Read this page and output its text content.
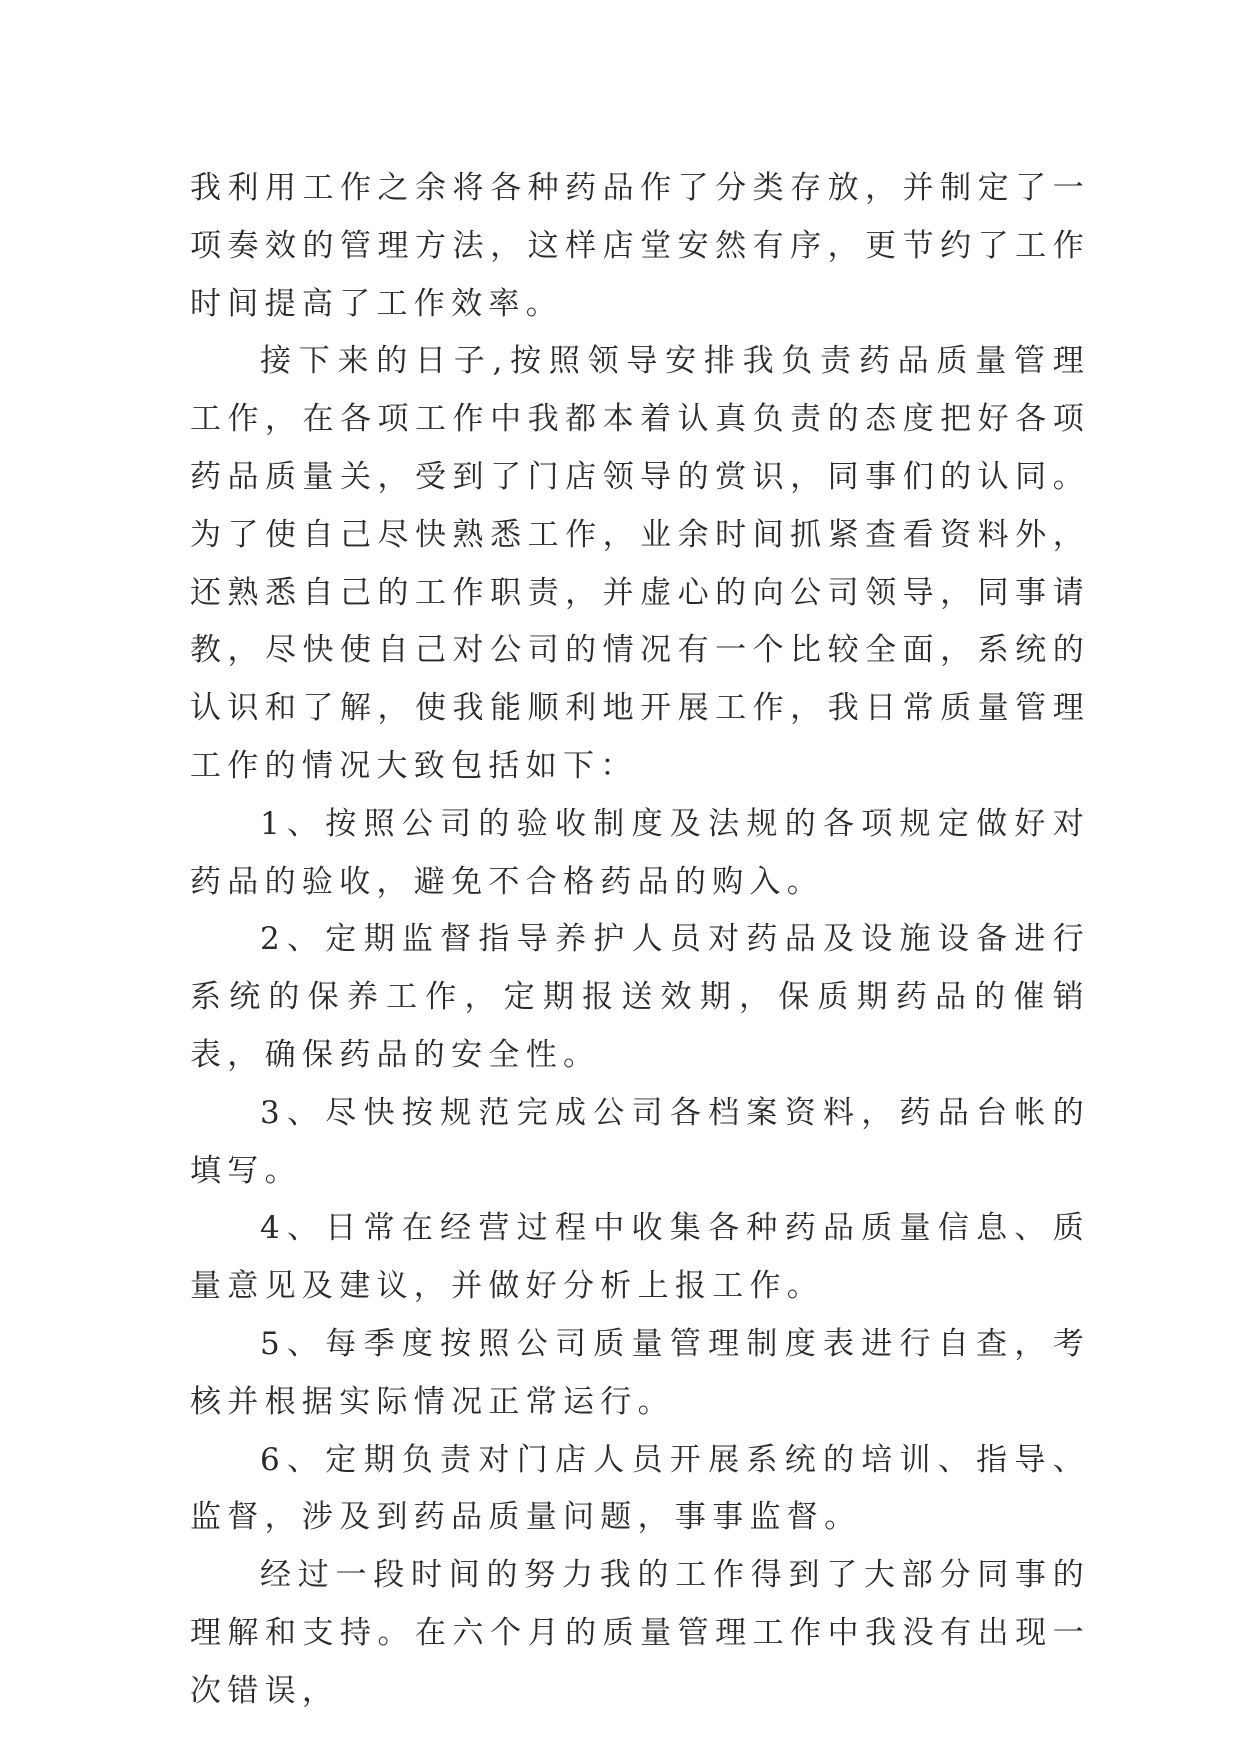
我利用工作之余将各种药品作了分类存放，并制定了一项奏效的管理方法，这样店堂安然有序，更节约了工作时间提高了工作效率。

接下来的日子,按照领导安排我负责药品质量管理工作，在各项工作中我都本着认真负责的态度把好各项药品质量关，受到了门店领导的赏识，同事们的认同。为了使自己尽快熟悉工作，业余时间抓紧查看资料外，还熟悉自己的工作职责，并虚心的向公司领导，同事请教，尽快使自己对公司的情况有一个比较全面，系统的认识和了解，使我能顺利地开展工作，我日常质量管理工作的情况大致包括如下：

1、按照公司的验收制度及法规的各项规定做好对药品的验收，避免不合格药品的购入。

2、定期监督指导养护人员对药品及设施设备进行系统的保养工作，定期报送效期，保质期药品的催销表，确保药品的安全性。

3、尽快按规范完成公司各档案资料，药品台帐的填写。

4、日常在经营过程中收集各种药品质量信息、质量意见及建议，并做好分析上报工作。

5、每季度按照公司质量管理制度表进行自查，考核并根据实际情况正常运行。

6、定期负责对门店人员开展系统的培训、指导、监督，涉及到药品质量问题，事事监督。

经过一段时间的努力我的工作得到了大部分同事的理解和支持。在六个月的质量管理工作中我没有出现一次错误，
